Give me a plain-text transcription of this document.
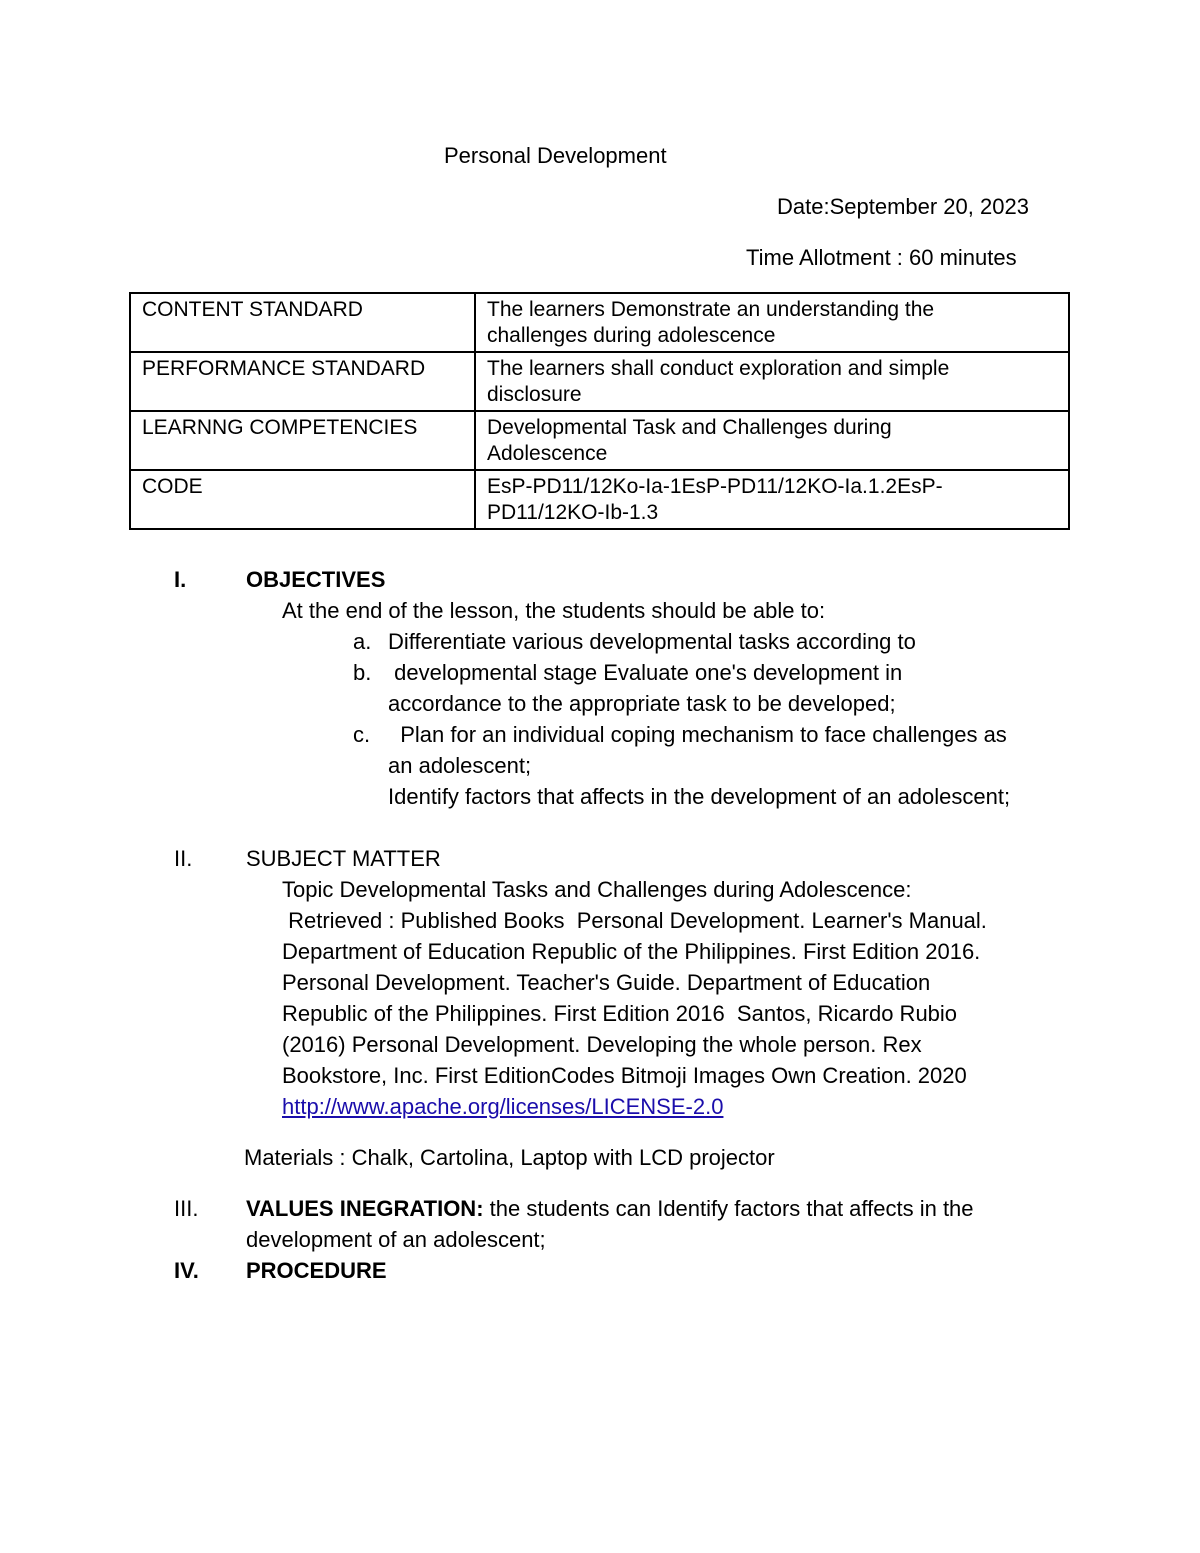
Personal Development
Date:September 20, 2023
Time Allotment : 60 minutes
CONTENT STANDARD	The learners Demonstrate an understanding the
challenges during adolescence
PERFORMANCE STANDARD	The learners shall conduct exploration and simple
disclosure
LEARNNG COMPETENCIES	Developmental Task and Challenges during
Adolescence
CODE	EsP-PD11/12Ko-Ia-1EsP-PD11/12KO-Ia.1.2EsP-
PD11/12KO-Ib-1.3
I.	OBJECTIVES
At the end of the lesson, the students should be able to:
a. Differentiate various developmental tasks according to
b. developmental stage Evaluate one's development in
accordance to the appropriate task to be developed;
c. Plan for an individual coping mechanism to face challenges as
an adolescent;
Identify factors that affects in the development of an adolescent;
II. SUBJECT MATTER
Topic Developmental Tasks and Challenges during Adolescence:
Retrieved : Published Books  Personal Development. Learner's Manual.
Department of Education Republic of the Philippines. First Edition 2016.
Personal Development. Teacher's Guide. Department of Education
Republic of the Philippines. First Edition 2016  Santos, Ricardo Rubio
(2016) Personal Development. Developing the whole person. Rex
Bookstore, Inc. First EditionCodes Bitmoji Images Own Creation. 2020
http://www.apache.org/licenses/LICENSE-2.0
Materials : Chalk, Cartolina, Laptop with LCD projector
III. VALUES INEGRATION: the students can Identify factors that affects in the
development of an adolescent;
IV. PROCEDURE
